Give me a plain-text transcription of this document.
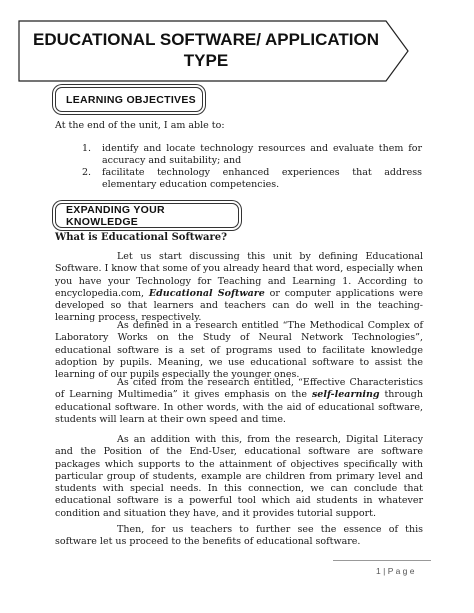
EDUCATIONAL SOFTWARE/ APPLICATION
TYPE
LEARNING OBJECTIVES

At the end of the unit, I am able to:

1. identify and locate technology resources and evaluate them for accuracy and suitability; and
2. facilitate technology enhanced experiences that address elementary education competencies.
EXPANDING YOUR KNOWLEDGE

What is Educational Software?

Let us start discussing this unit by defining Educational Software. I know that some of you already heard that word, especially when you have your Technology for Teaching and Learning 1. According to encyclopedia.com, Educational Software or computer applications were developed so that learners and teachers can do well in the teaching-learning process, respectively.

As defined in a research entitled “The Methodical Complex of Laboratory Works on the Study of Neural Network Technologies”, educational software is a set of programs used to facilitate knowledge adoption by pupils. Meaning, we use educational software to assist the learning of our pupils especially the younger ones.

As cited from the research entitled, “Effective Characteristics of Learning Multimedia” it gives emphasis on the self-learning through educational software. In other words, with the aid of educational software, students will learn at their own speed and time.

As an addition with this, from the research, Digital Literacy and the Position of the End-User, educational software are software packages which supports to the attainment of objectives specifically with particular group of students, example are children from primary level and students with special needs. In this connection, we can conclude that educational software is a powerful tool which aid students in whatever condition and situation they have, and it provides tutorial support.

Then, for us teachers to further see the essence of this software let us proceed to the benefits of educational software.

1 | P a g e
